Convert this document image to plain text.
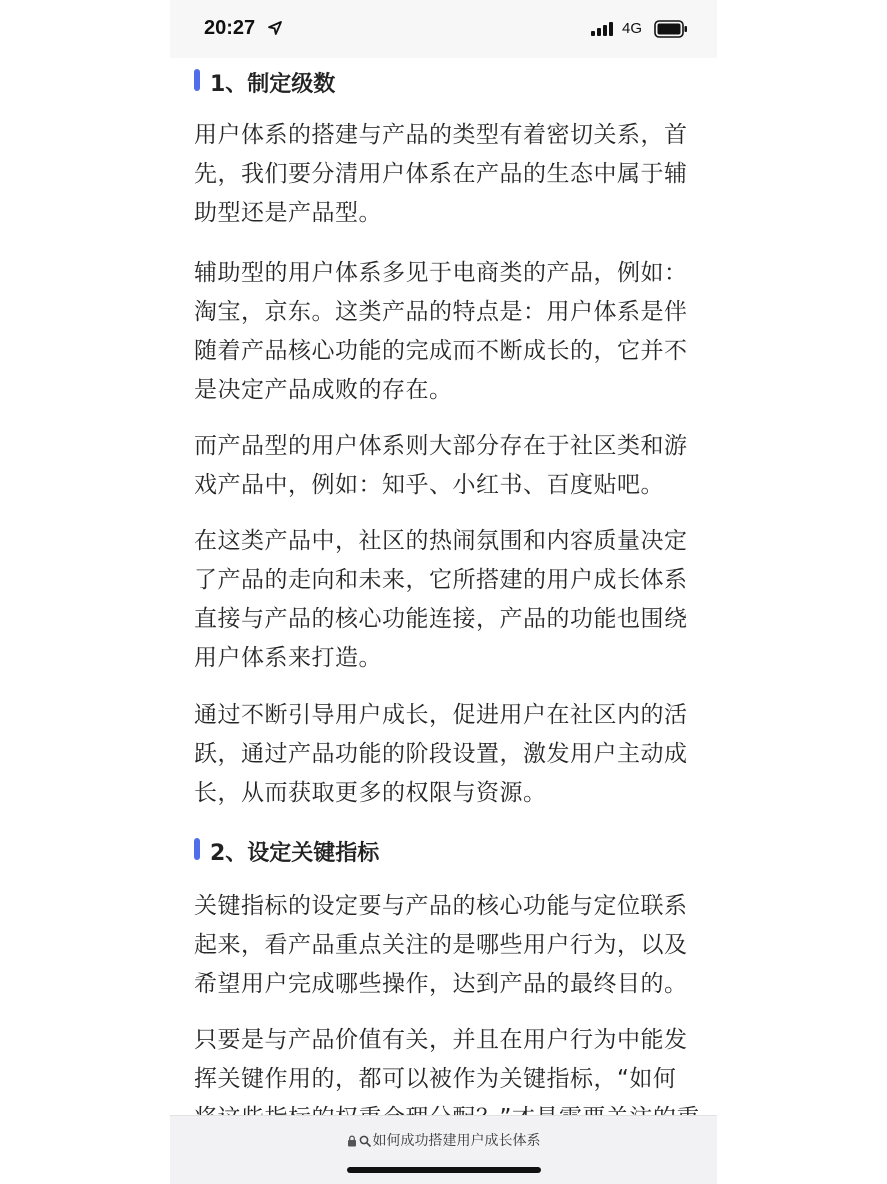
20:27	4G
1、制定级数
用户体系的搭建与产品的类型有着密切关系，首
先，我们要分清用户体系在产品的生态中属于辅
助型还是产品型。
辅助型的用户体系多见于电商类的产品，例如：
淘宝，京东。这类产品的特点是：用户体系是伴
随着产品核心功能的完成而不断成长的，它并不
是决定产品成败的存在。
而产品型的用户体系则大部分存在于社区类和游
戏产品中，例如：知乎、小红书、百度贴吧。
在这类产品中，社区的热闹氛围和内容质量决定
了产品的走向和未来，它所搭建的用户成长体系
直接与产品的核心功能连接，产品的功能也围绕
用户体系来打造。
通过不断引导用户成长，促进用户在社区内的活
跃，通过产品功能的阶段设置，激发用户主动成
长，从而获取更多的权限与资源。
2、设定关键指标
关键指标的设定要与产品的核心功能与定位联系
起来，看产品重点关注的是哪些用户行为，以及
希望用户完成哪些操作，达到产品的最终目的。
只要是与产品价值有关，并且在用户行为中能发
挥关键作用的，都可以被作为关键指标，“如何
如何成功搭建用户成长体系
